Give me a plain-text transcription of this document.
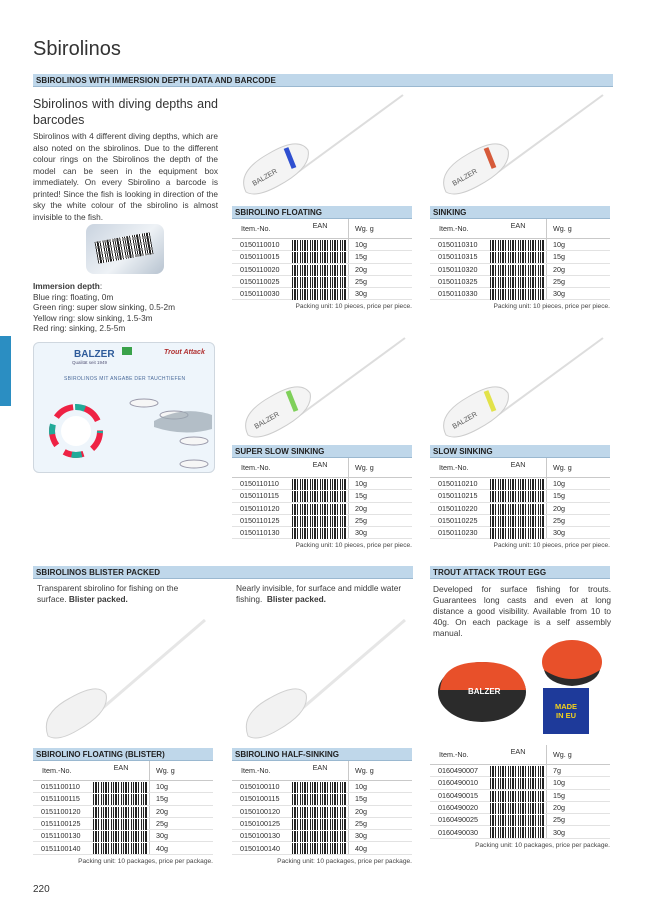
Sbirolinos
SBIROLINOS WITH IMMERSION DEPTH DATA AND BARCODE
Sbirolinos with diving depths and barcodes
Sbirolinos with 4 different diving depths, which are also noted on the sbirolinos. Due to the different colour rings on the Sbirolinos the depth of the model can be seen in the equipment box immediately. On every Sbirolino a barcode is printed! Since the fish is looking in direction of the sky the white colour of the sbirolino is almost invisible to the fish.
Immersion depth:
Blue ring: floating, 0m
Green ring: super slow sinking, 0.5-2m
Yellow ring: slow sinking, 1.5-3m
Red ring: sinking, 2.5-5m
BALZER
Qualität seit 1949
Trout Attack
SBIROLINOS MIT ANGABE DER TAUCHTIEFEN
BALZER	BALZER
SBIROLINO FLOATING
Item.-No.	EAN	Wg. g
0150110010	10g
0150110015	15g
0150110020	20g
0150110025	25g
0150110030	30g
Packing unit: 10 pieces, price per piece.
SINKING
Item.-No.	EAN	Wg. g
0150110310	10g
0150110315	15g
0150110320	20g
0150110325	25g
0150110330	30g
Packing unit: 10 pieces, price per piece.
BALZER	BALZER
SUPER SLOW SINKING
Item.-No.	EAN	Wg. g
0150110110	10g
0150110115	15g
0150110120	20g
0150110125	25g
0150110130	30g
Packing unit: 10 pieces, price per piece.
SLOW SINKING
Item.-No.	EAN	Wg. g
0150110210	10g
0150110215	15g
0150110220	20g
0150110225	25g
0150110230	30g
Packing unit: 10 pieces, price per piece.
SBIROLINOS BLISTER PACKED	TROUT ATTACK TROUT EGG
Transparent sbirolino for fishing on the surface. Blister packed.
Nearly invisible, for surface and middle water fishing. Blister packed.
Developed for surface fishing for trouts. Guarantees long casts and even at long distance a good visibility. Available from 10 to 40g. On each package is a self assembly manual.
BALZER
MADE
IN EU
SBIROLINO FLOATING (BLISTER)
Item.-No.	EAN	Wg. g
0151100110	10g
0151100115	15g
0151100120	20g
0151100125	25g
0151100130	30g
0151100140	40g
Packing unit: 10 packages, price per package.
SBIROLINO HALF-SINKING
Item.-No.	EAN	Wg. g
0150100110	10g
0150100115	15g
0150100120	20g
0150100125	25g
0150100130	30g
0150100140	40g
Packing unit: 10 packages, price per package.
Item.-No.	EAN	Wg. g
0160490007	7g
0160490010	10g
0160490015	15g
0160490020	20g
0160490025	25g
0160490030	30g
Packing unit: 10 packages, price per package.
220
